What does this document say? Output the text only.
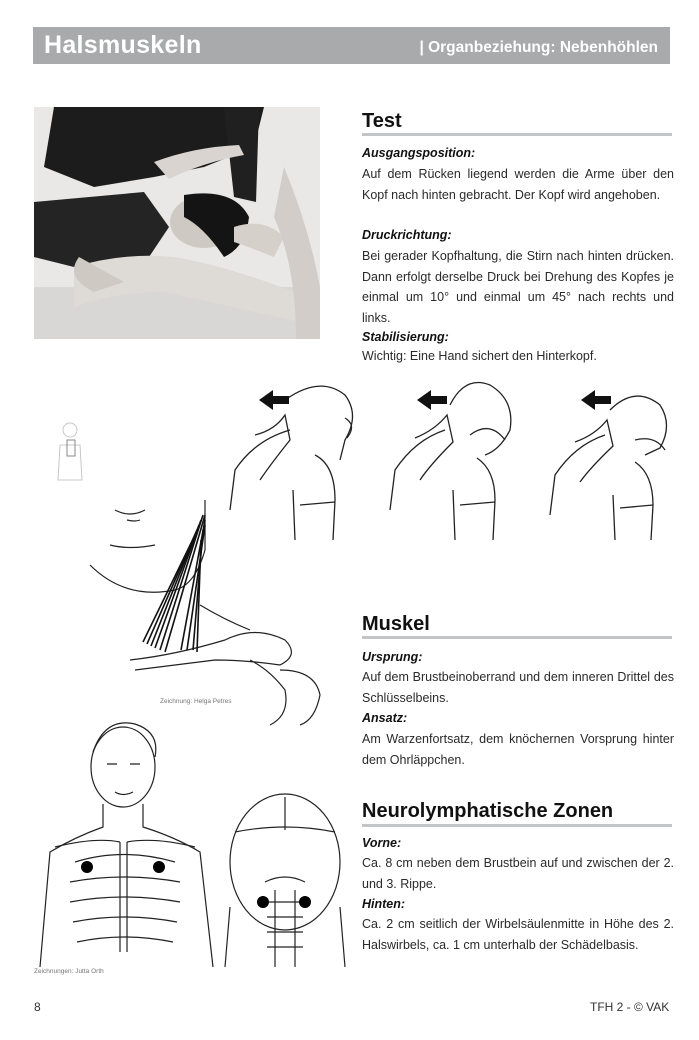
Halsmuskeln	| Organbeziehung: Nebenhöhlen
Test
Ausgangsposition:
Auf dem Rücken liegend werden die Arme über den Kopf nach hinten gebracht. Der Kopf wird angehoben.
Druckrichtung:
Bei gerader Kopfhaltung, die Stirn nach hinten drücken. Dann erfolgt derselbe Druck bei Drehung des Kopfes je einmal um 10° und einmal um 45° nach rechts und links.
Stabilisierung:
Wichtig: Eine Hand sichert den Hinterkopf.
Zeichnung: Helga Petres
Muskel
Ursprung:
Auf dem Brustbeinoberrand und dem inneren Drittel des Schlüsselbeins.
Ansatz:
Am Warzenfortsatz, dem knöchernen Vorsprung hinter dem Ohrläppchen.
Zeichnungen: Jutta Orth
Neurolymphatische Zonen
Vorne:
Ca. 8 cm neben dem Brustbein auf und zwischen der 2. und 3. Rippe.
Hinten:
Ca. 2 cm seitlich der Wirbelsäulenmitte in Höhe des 2. Halswirbels, ca. 1 cm unterhalb der Schädelbasis.
8	TFH 2 - © VAK
